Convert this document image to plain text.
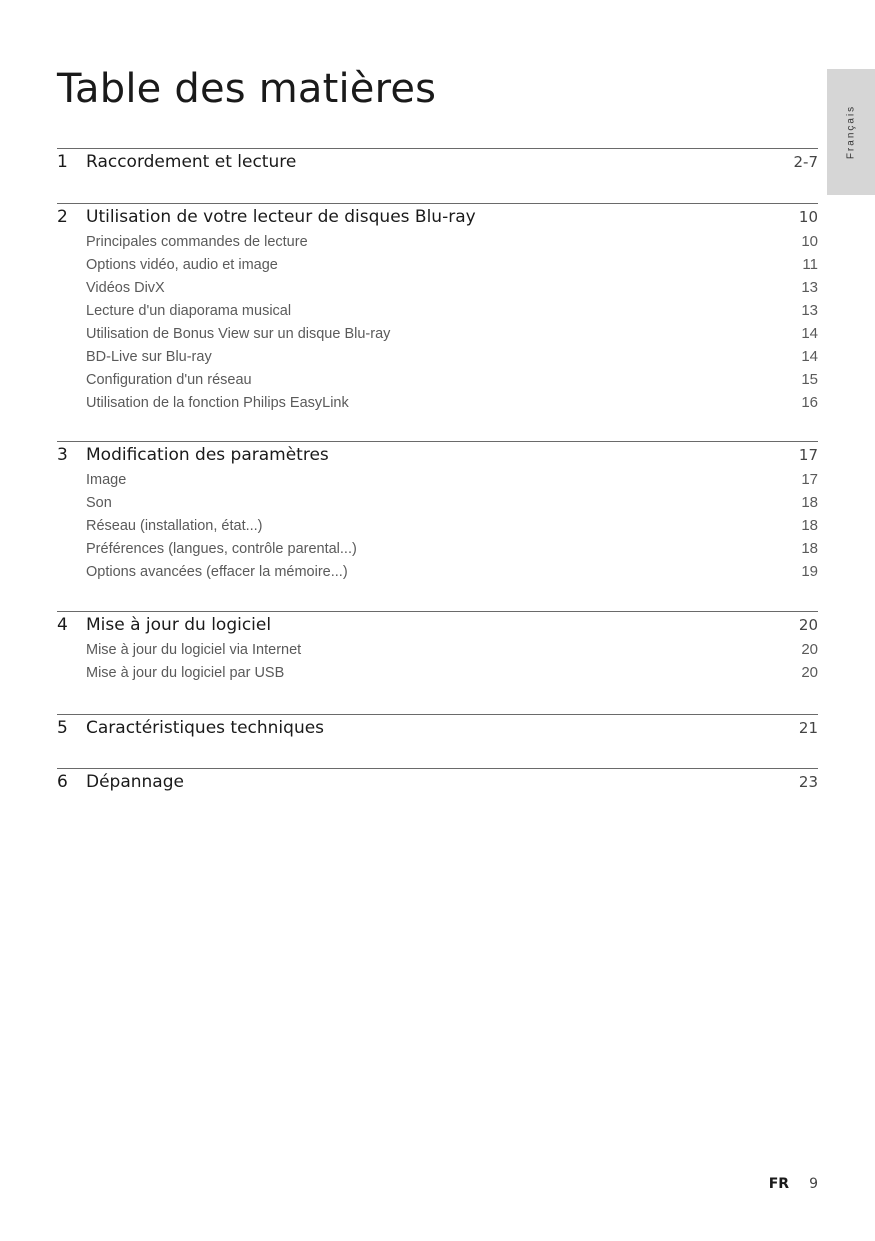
Table des matières
Français
1	Raccordement et lecture	2-7
2	Utilisation de votre lecteur de disques Blu-ray	10
Principales commandes de lecture	10
Options vidéo, audio et image	11
Vidéos DivX	13
Lecture d'un diaporama musical	13
Utilisation de Bonus View sur un disque Blu-ray	14
BD-Live sur Blu-ray	14
Configuration d'un réseau	15
Utilisation de la fonction Philips EasyLink	16
3	Modification des paramètres	17
Image	17
Son	18
Réseau (installation, état...)	18
Préférences (langues, contrôle parental...)	18
Options avancées (effacer la mémoire...)	19
4	Mise à jour du logiciel	20
Mise à jour du logiciel via Internet	20
Mise à jour du logiciel par USB	20
5	Caractéristiques techniques	21
6	Dépannage	23
FR 9
